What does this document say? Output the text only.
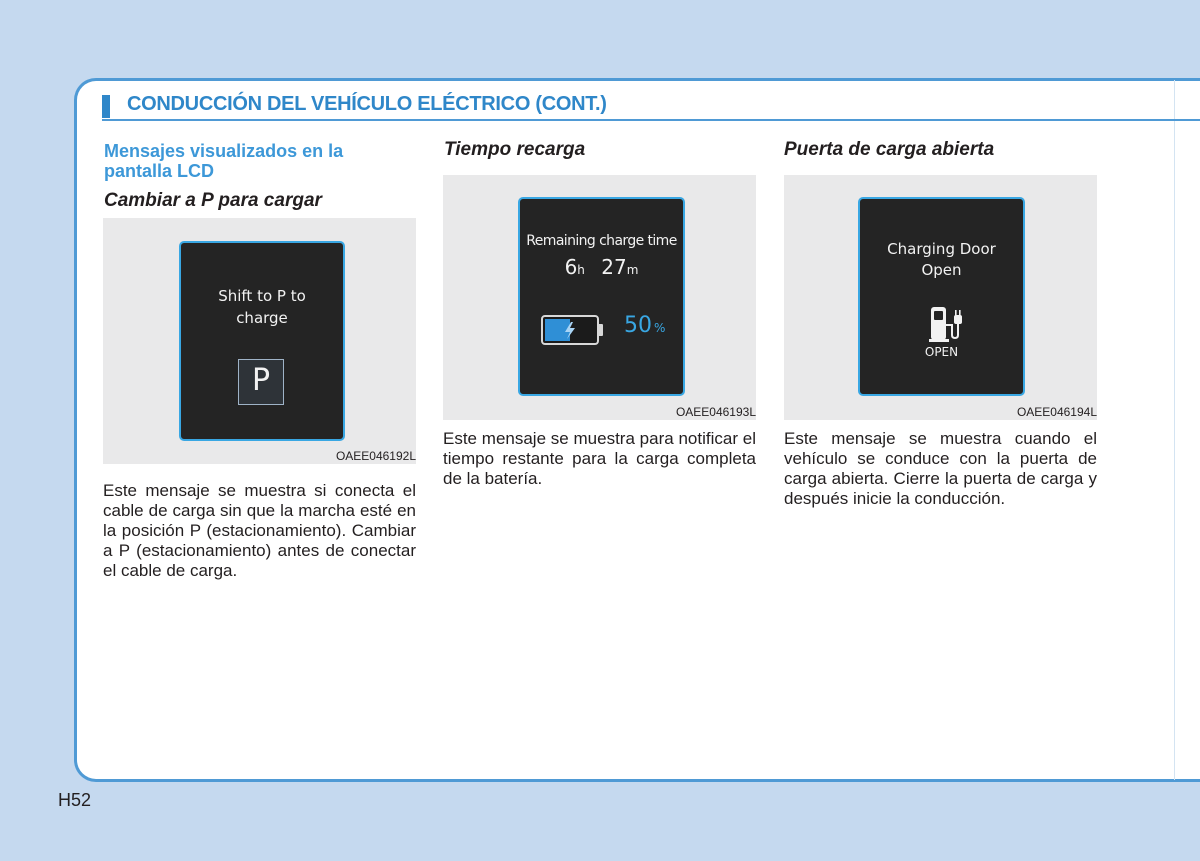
CONDUCCIÓN DEL VEHÍCULO ELÉCTRICO (CONT.)
Mensajes visualizados en la pantalla LCD
Cambiar a P para cargar
Shift to P to charge
P
OAEE046192L

Este mensaje se muestra si conecta el cable de carga sin que la marcha esté en la posición P (estacionamiento). Cambiar a P (estacionamiento) antes de conectar el cable de carga.

Tiempo recarga
Remaining charge time
6h 27m
50 %
OAEE046193L

Este mensaje se muestra para notificar el tiempo restante para la carga completa de la batería.

Puerta de carga abierta
Charging Door Open
OPEN
OAEE046194L

Este mensaje se muestra cuando el vehículo se conduce con la puerta de carga abierta. Cierre la puerta de carga y después inicie la conducción.

H52
